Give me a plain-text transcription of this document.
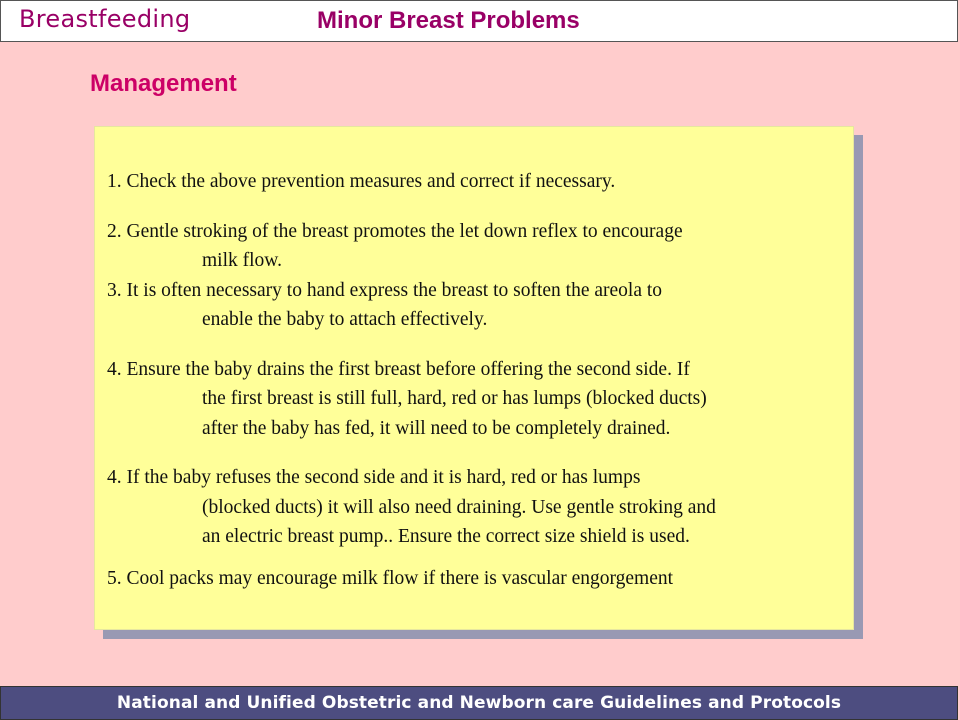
Breastfeeding	Minor Breast Problems
Management

1. Check the above prevention measures and correct if necessary.

2. Gentle stroking of the breast promotes the let down reflex to encourage
milk flow.

3. It is often necessary to hand express the breast to soften the areola to
enable the baby to attach effectively.

4. Ensure the baby drains the first breast before offering the second side. If
the first breast is still full, hard, red or has lumps (blocked ducts)
after the baby has fed, it will need to be completely drained.

4. If the baby refuses the second side and it is hard, red or has lumps
(blocked ducts) it will also need draining. Use gentle stroking and
an electric breast pump.. Ensure the correct size shield is used.

5. Cool packs may encourage milk flow if there is vascular engorgement

National and Unified Obstetric and Newborn care Guidelines and Protocols
